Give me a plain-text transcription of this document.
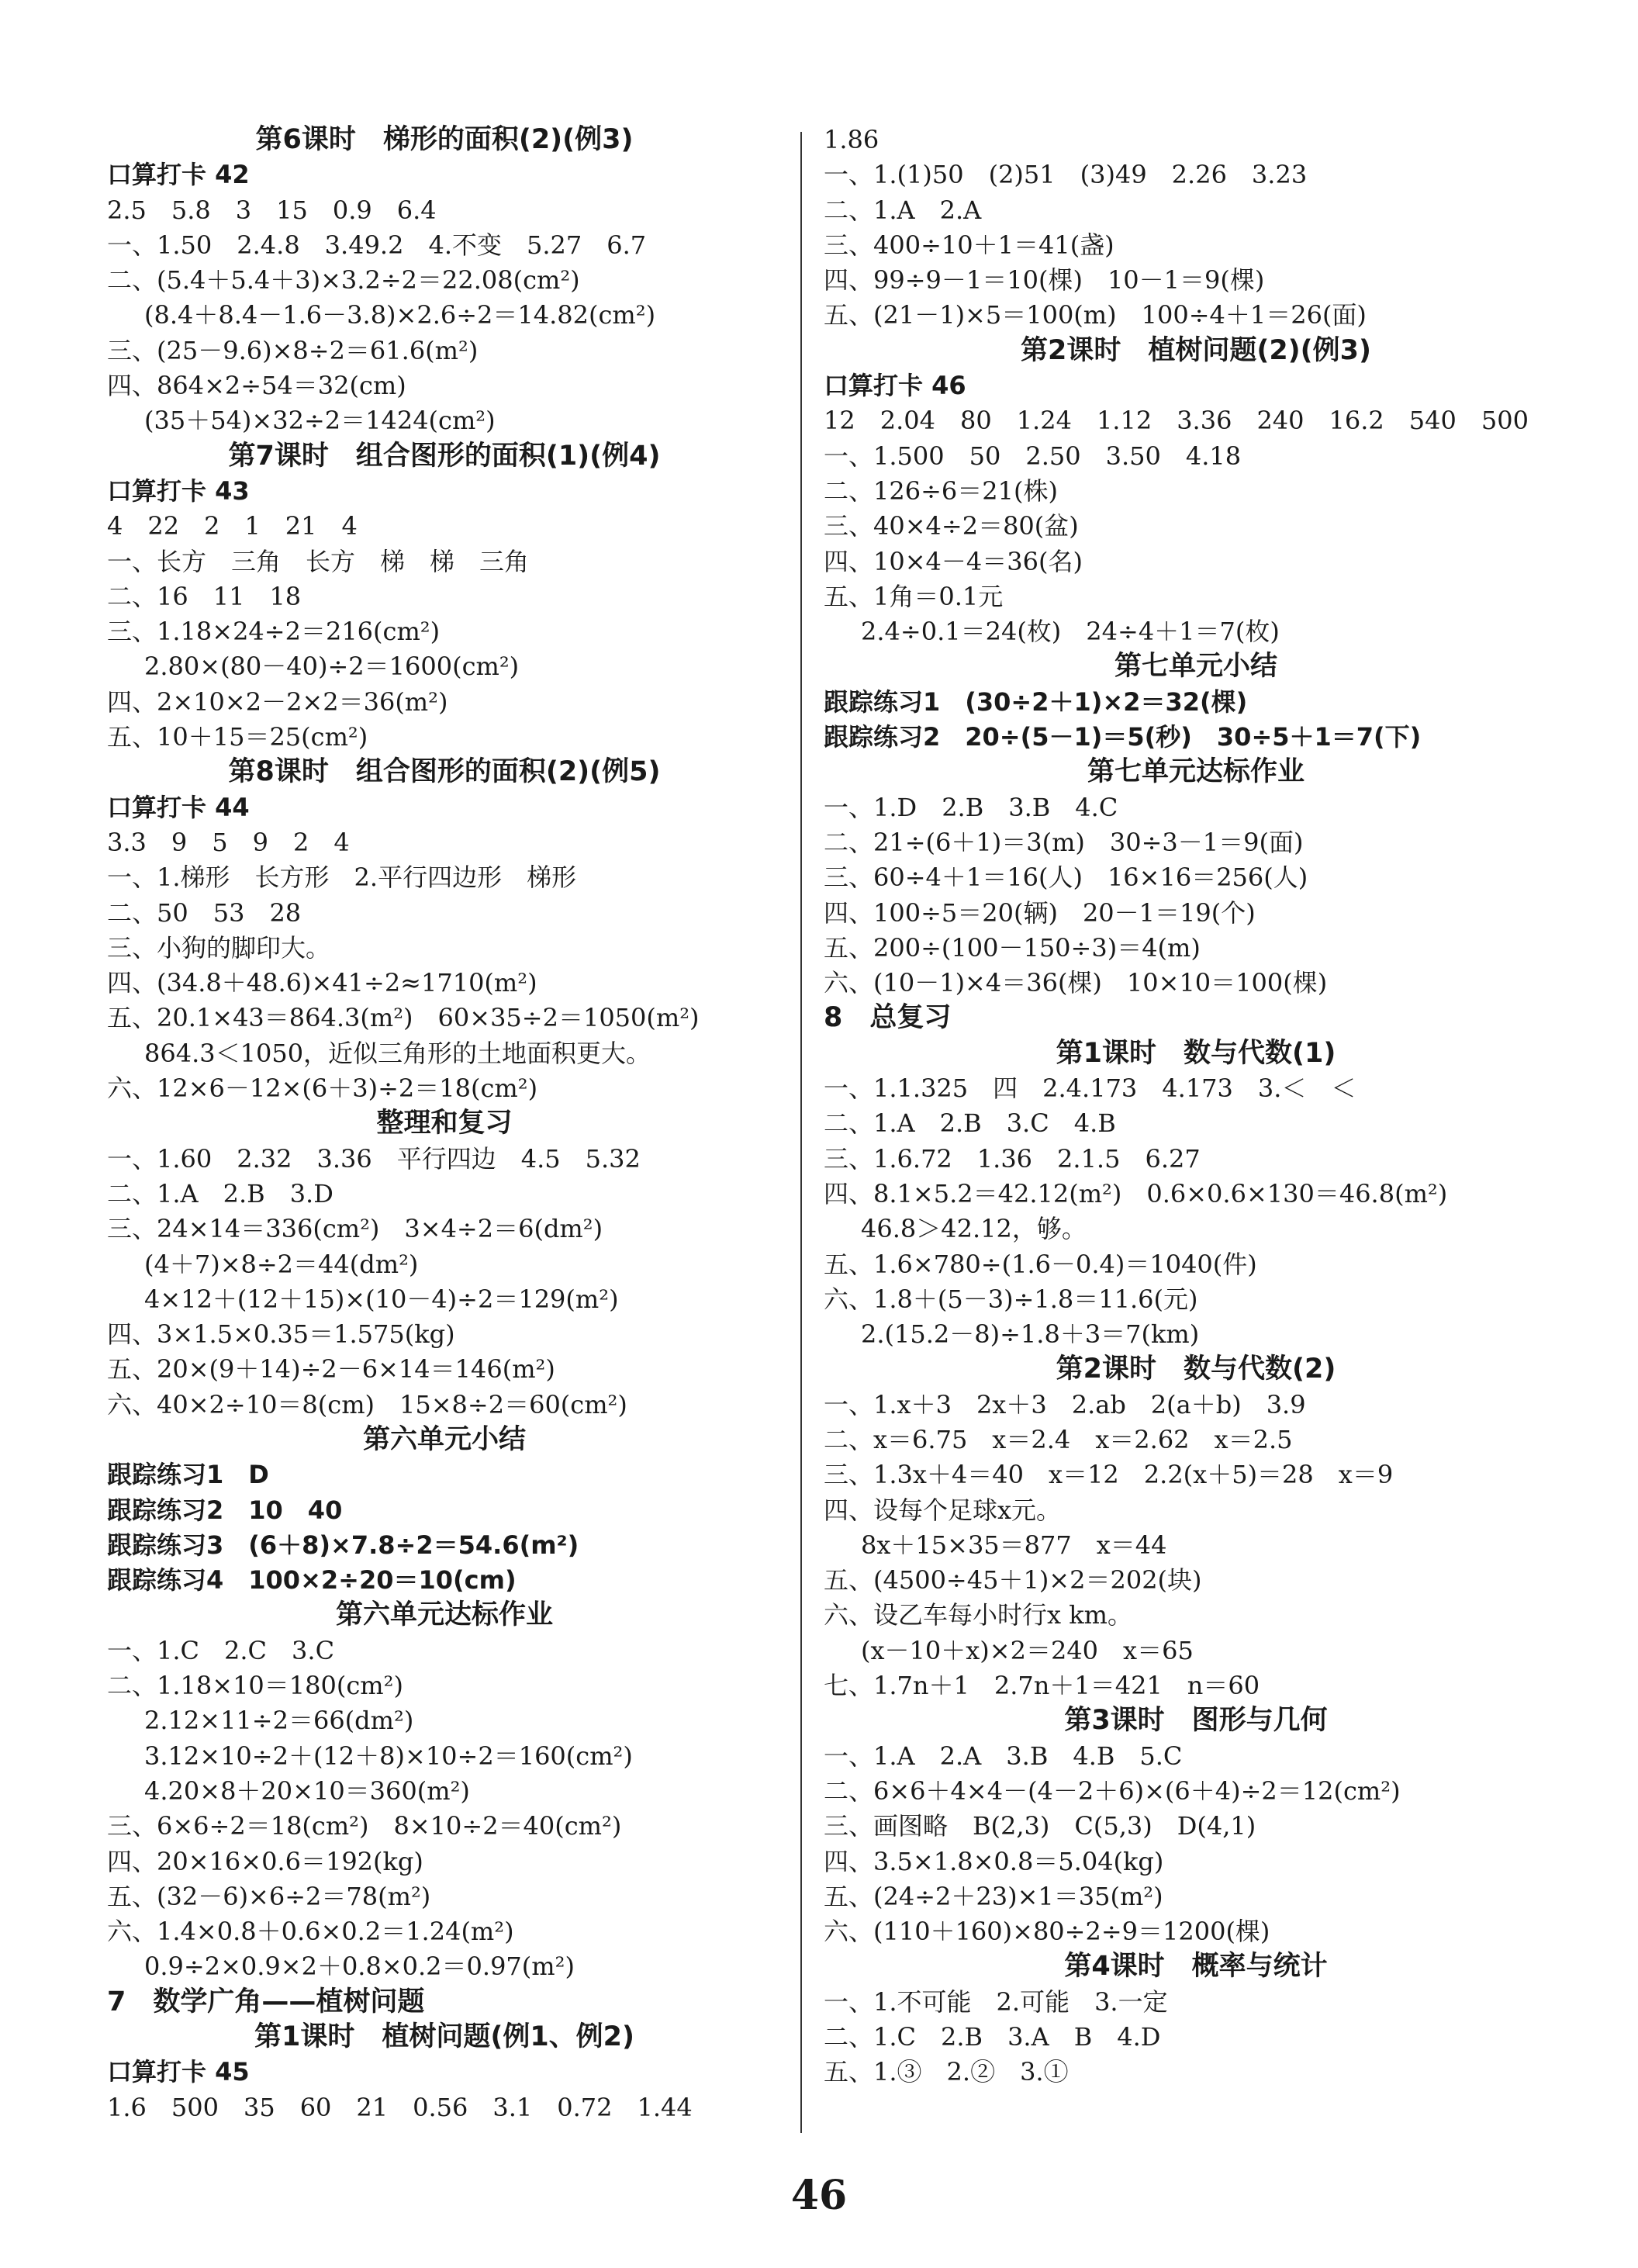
第6课时　梯形的面积(2)(例3)
口算打卡 42
2.5　5.8　3　15　0.9　6.4
一、1.50　2.4.8　3.49.2　4.不变　5.27　6.7
二、(5.4＋5.4＋3)×3.2÷2＝22.08(cm²)
(8.4＋8.4－1.6－3.8)×2.6÷2＝14.82(cm²)
三、(25－9.6)×8÷2＝61.6(m²)
四、864×2÷54＝32(cm)
(35＋54)×32÷2＝1424(cm²)
第7课时　组合图形的面积(1)(例4)
口算打卡 43
4　22　2　1　21　4
一、长方　三角　长方　梯　梯　三角
二、16　11　18
三、1.18×24÷2＝216(cm²)
2.80×(80－40)÷2＝1600(cm²)
四、2×10×2－2×2＝36(m²)
五、10＋15＝25(cm²)
第8课时　组合图形的面积(2)(例5)
口算打卡 44
3.3　9　5　9　2　4
一、1.梯形　长方形　2.平行四边形　梯形
二、50　53　28
三、小狗的脚印大。
四、(34.8＋48.6)×41÷2≈1710(m²)
五、20.1×43＝864.3(m²)　60×35÷2＝1050(m²)
864.3＜1050，近似三角形的土地面积更大。
六、12×6－12×(6＋3)÷2＝18(cm²)
整理和复习
一、1.60　2.32　3.36　平行四边　4.5　5.32
二、1.A　2.B　3.D
三、24×14＝336(cm²)　3×4÷2＝6(dm²)
(4＋7)×8÷2＝44(dm²)
4×12＋(12＋15)×(10－4)÷2＝129(m²)
四、3×1.5×0.35＝1.575(kg)
五、20×(9＋14)÷2－6×14＝146(m²)
六、40×2÷10＝8(cm)　15×8÷2＝60(cm²)
第六单元小结
跟踪练习1　D
跟踪练习2　10　40
跟踪练习3　(6＋8)×7.8÷2＝54.6(m²)
跟踪练习4　100×2÷20＝10(cm)
第六单元达标作业
一、1.C　2.C　3.C
二、1.18×10＝180(cm²)
2.12×11÷2＝66(dm²)
3.12×10÷2＋(12＋8)×10÷2＝160(cm²)
4.20×8＋20×10＝360(m²)
三、6×6÷2＝18(cm²)　8×10÷2＝40(cm²)
四、20×16×0.6＝192(kg)
五、(32－6)×6÷2＝78(m²)
六、1.4×0.8＋0.6×0.2＝1.24(m²)
0.9÷2×0.9×2＋0.8×0.2＝0.97(m²)
7　数学广角——植树问题
第1课时　植树问题(例1、例2)
口算打卡 45
1.6　500　35　60　21　0.56　3.1　0.72　1.44
1.86
一、1.(1)50　(2)51　(3)49　2.26　3.23
二、1.A　2.A
三、400÷10＋1＝41(盏)
四、99÷9－1＝10(棵)　10－1＝9(棵)
五、(21－1)×5＝100(m)　100÷4＋1＝26(面)
第2课时　植树问题(2)(例3)
口算打卡 46
12　2.04　80　1.24　1.12　3.36　240　16.2　540　500
一、1.500　50　2.50　3.50　4.18
二、126÷6＝21(株)
三、40×4÷2＝80(盆)
四、10×4－4＝36(名)
五、1角＝0.1元
2.4÷0.1＝24(枚)　24÷4＋1＝7(枚)
第七单元小结
跟踪练习1　(30÷2＋1)×2＝32(棵)
跟踪练习2　20÷(5－1)＝5(秒)　30÷5＋1＝7(下)
第七单元达标作业
一、1.D　2.B　3.B　4.C
二、21÷(6＋1)＝3(m)　30÷3－1＝9(面)
三、60÷4＋1＝16(人)　16×16＝256(人)
四、100÷5＝20(辆)　20－1＝19(个)
五、200÷(100－150÷3)＝4(m)
六、(10－1)×4＝36(棵)　10×10＝100(棵)
8　总复习
第1课时　数与代数(1)
一、1.1.325　四　2.4.173　4.173　3.＜　＜
二、1.A　2.B　3.C　4.B
三、1.6.72　1.36　2.1.5　6.27
四、8.1×5.2＝42.12(m²)　0.6×0.6×130＝46.8(m²)
46.8＞42.12，够。
五、1.6×780÷(1.6－0.4)＝1040(件)
六、1.8＋(5－3)÷1.8＝11.6(元)
2.(15.2－8)÷1.8＋3＝7(km)
第2课时　数与代数(2)
一、1.x＋3　2x＋3　2.ab　2(a＋b)　3.9
二、x＝6.75　x＝2.4　x＝2.62　x＝2.5
三、1.3x＋4＝40　x＝12　2.2(x＋5)＝28　x＝9
四、设每个足球x元。
8x＋15×35＝877　x＝44
五、(4500÷45＋1)×2＝202(块)
六、设乙车每小时行x km。
(x－10＋x)×2＝240　x＝65
七、1.7n＋1　2.7n＋1＝421　n＝60
第3课时　图形与几何
一、1.A　2.A　3.B　4.B　5.C
二、6×6＋4×4－(4－2＋6)×(6＋4)÷2＝12(cm²)
三、画图略　B(2,3)　C(5,3)　D(4,1)
四、3.5×1.8×0.8＝5.04(kg)
五、(24÷2＋23)×1＝35(m²)
六、(110＋160)×80÷2÷9＝1200(棵)
第4课时　概率与统计
一、1.不可能　2.可能　3.一定
二、1.C　2.B　3.A　B　4.D
五、1.③　2.②　3.①
46
